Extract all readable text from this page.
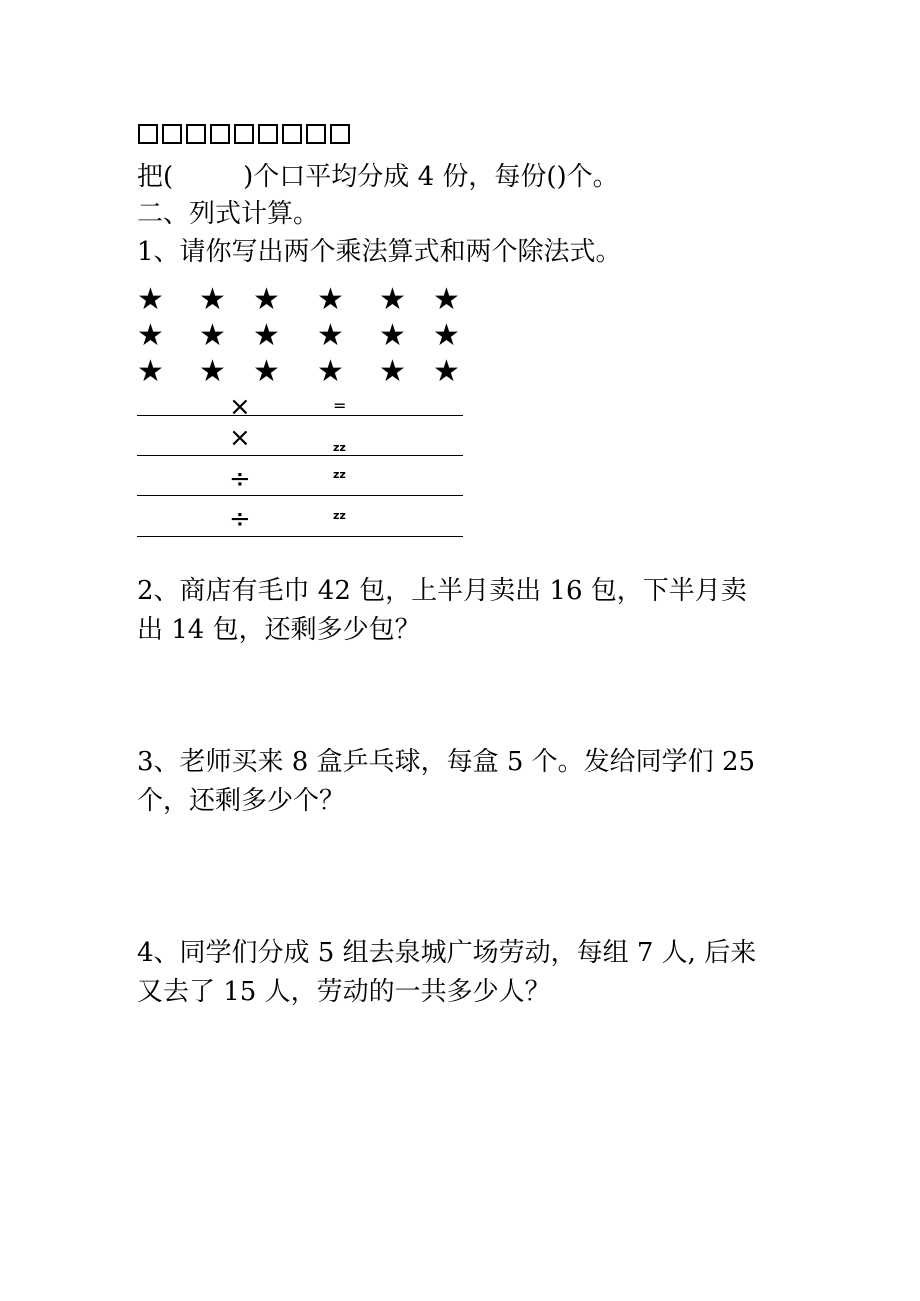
把(	)个口平均分成 4 份，每份()个。
二、列式计算。
1、请你写出两个乘法算式和两个除法式。
★ ★ ★ ★ ★ ★
★ ★ ★ ★ ★ ★
★ ★ ★ ★ ★ ★
×	=
×	zz
÷	zz
÷	zz
2、商店有毛巾 42 包，上半月卖出 16 包，下半月卖
出 14 包，还剩多少包？
3、老师买来 8 盒乒乓球，每盒 5 个。发给同学们 25
个，还剩多少个？
4、同学们分成 5 组去泉城广场劳动，每组 7 人, 后来
又去了 15 人，劳动的一共多少人？
